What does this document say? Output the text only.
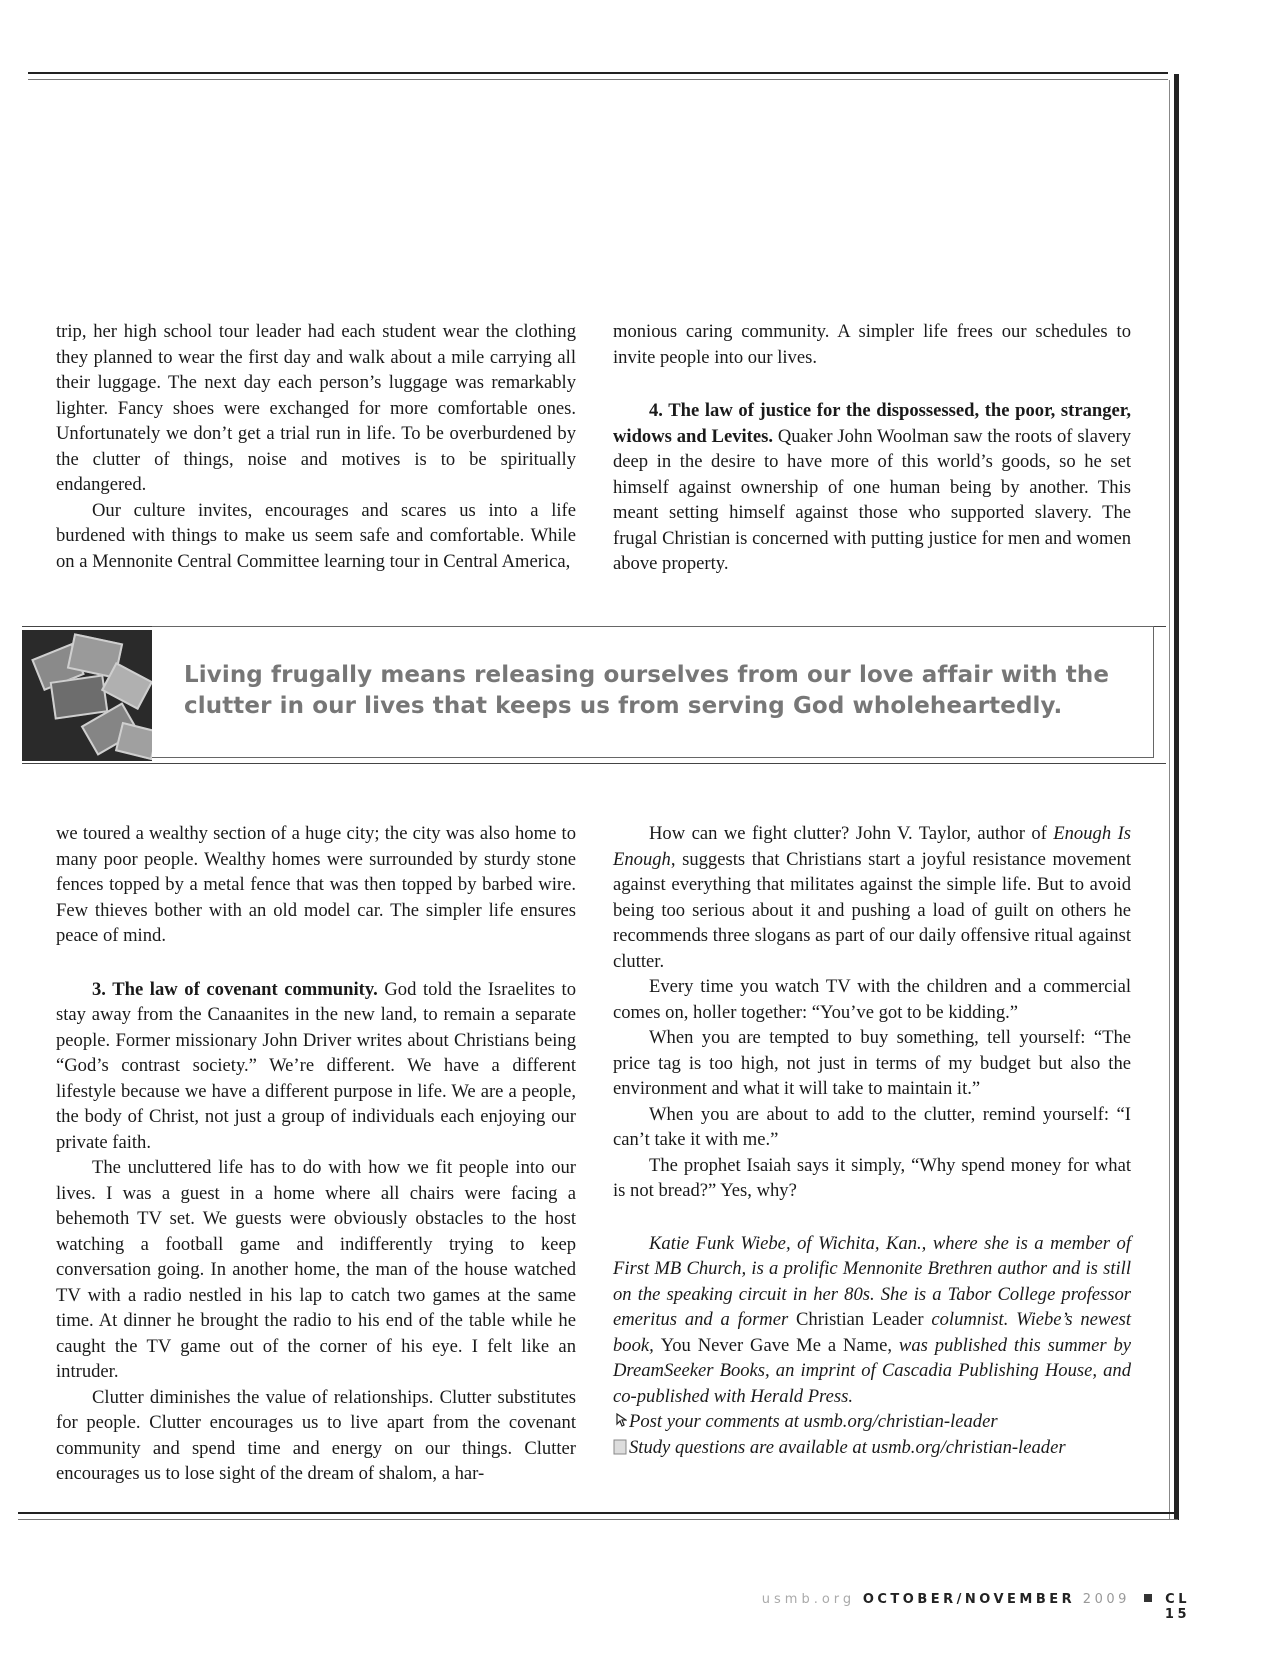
trip, her high school tour leader had each student wear the clothing they planned to wear the first day and walk about a mile carrying all their luggage. The next day each person’s luggage was remarkably lighter. Fancy shoes were exchanged for more comfortable ones. Unfortunately we don’t get a trial run in life. To be overburdened by the clutter of things, noise and motives is to be spiritually endangered.

Our culture invites, encourages and scares us into a life burdened with things to make us seem safe and comfortable. While on a Mennonite Central Committee learning tour in Central America,

monious caring community. A simpler life frees our schedules to invite people into our lives.

4. The law of justice for the dispossessed, the poor, stranger, widows and Levites. Quaker John Woolman saw the roots of slavery deep in the desire to have more of this world’s goods, so he set himself against ownership of one human being by another. This meant setting himself against those who supported slavery. The frugal Christian is concerned with putting justice for men and women above property.

Living frugally means releasing ourselves from our love affair with the clutter in our lives that keeps us from serving God wholeheartedly.

we toured a wealthy section of a huge city; the city was also home to many poor people. Wealthy homes were surrounded by sturdy stone fences topped by a metal fence that was then topped by barbed wire. Few thieves bother with an old model car. The simpler life ensures peace of mind.

3. The law of covenant community. God told the Israelites to stay away from the Canaanites in the new land, to remain a separate people. Former missionary John Driver writes about Christians being “God’s contrast society.” We’re different. We have a different lifestyle because we have a different purpose in life. We are a people, the body of Christ, not just a group of individuals each enjoying our private faith.

The uncluttered life has to do with how we fit people into our lives. I was a guest in a home where all chairs were facing a behemoth TV set. We guests were obviously obstacles to the host watching a football game and indifferently trying to keep conversation going. In another home, the man of the house watched TV with a radio nestled in his lap to catch two games at the same time. At dinner he brought the radio to his end of the table while he caught the TV game out of the corner of his eye. I felt like an intruder.

Clutter diminishes the value of relationships. Clutter substitutes for people. Clutter encourages us to live apart from the covenant community and spend time and energy on our things. Clutter encourages us to lose sight of the dream of shalom, a har-

How can we fight clutter? John V. Taylor, author of Enough Is Enough, suggests that Christians start a joyful resistance movement against everything that militates against the simple life. But to avoid being too serious about it and pushing a load of guilt on others he recommends three slogans as part of our daily offensive ritual against clutter.

Every time you watch TV with the children and a commercial comes on, holler together: “You’ve got to be kidding.”

When you are tempted to buy something, tell yourself: “The price tag is too high, not just in terms of my budget but also the environment and what it will take to maintain it.”

When you are about to add to the clutter, remind yourself: “I can’t take it with me.”

The prophet Isaiah says it simply, “Why spend money for what is not bread?” Yes, why?

Katie Funk Wiebe, of Wichita, Kan., where she is a member of First MB Church, is a prolific Mennonite Brethren author and is still on the speaking circuit in her 80s. She is a Tabor College professor emeritus and a former Christian Leader columnist. Wiebe’s newest book, You Never Gave Me a Name, was published this summer by DreamSeeker Books, an imprint of Cascadia Publishing House, and co-published with Herald Press.

Post your comments at usmb.org/christian-leader

Study questions are available at usmb.org/christian-leader

usmb.org OCTOBER/NOVEMBER 2009	CL 15
